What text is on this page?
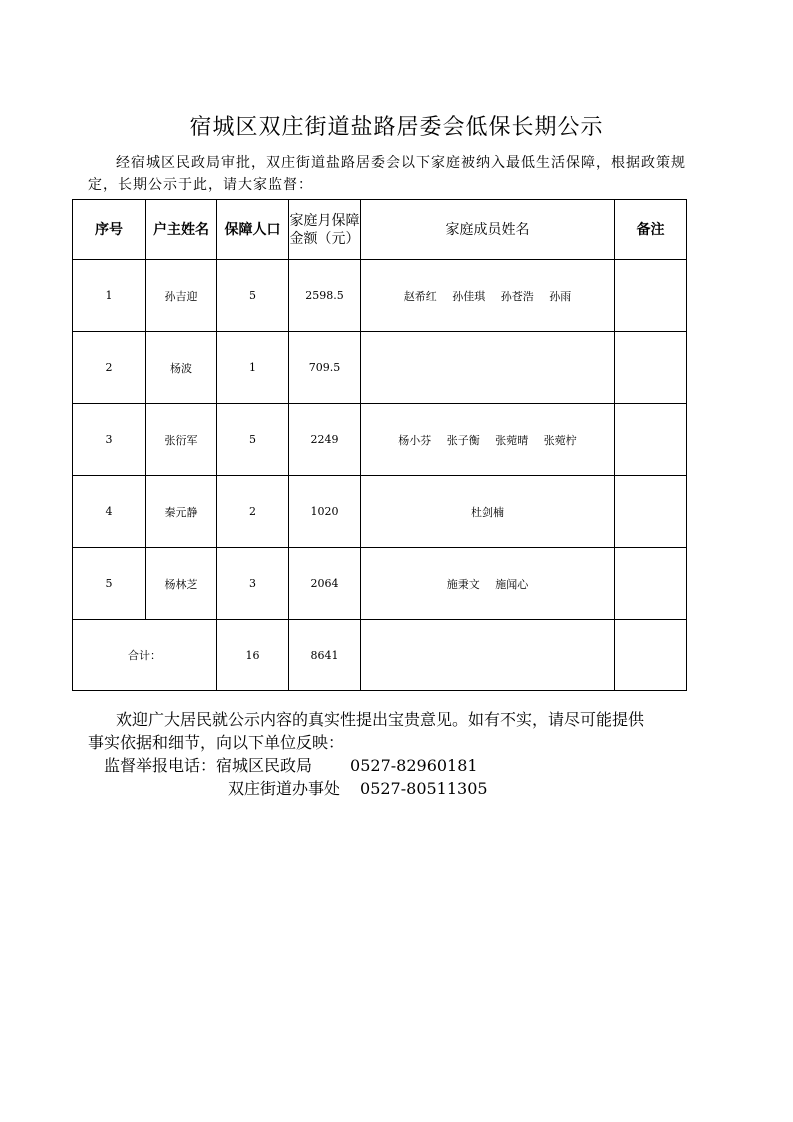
宿城区双庄街道盐路居委会低保长期公示
经宿城区民政局审批，双庄街道盐路居委会以下家庭被纳入最低生活保障，根据政策规定，长期公示于此，请大家监督：
序号	户主姓名	保障人口	家庭月保障金额（元）	家庭成员姓名	备注
1	孙吉迎	5	2598.5	赵希红 孙佳琪 孙苍浩 孙雨	
2	杨波	1	709.5		
3	张衍军	5	2249	杨小芬 张子衡 张菀晴 张菀柠	
4	秦元静	2	1020	杜剑楠	
5	杨林芝	3	2064	施秉文 施闻心	
合计：		16	8641		
欢迎广大居民就公示内容的真实性提出宝贵意见。如有不实，请尽可能提供事实依据和细节，向以下单位反映：
监督举报电话：宿城区民政局 0527-82960181
双庄街道办事处 0527-80511305
